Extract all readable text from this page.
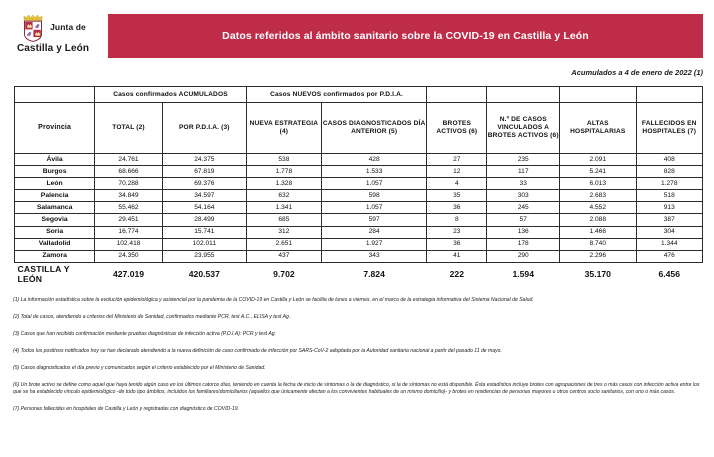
Junta de
Castilla y León
Datos referidos al ámbito sanitario sobre la COVID-19 en Castilla y León
Acumulados a 4 de enero de 2022 (1)
	Casos confirmados ACUMULADOS		Casos NUEVOS confirmados por P.D.I.A.					
Provincia	TOTAL (2)	POR P.D.I.A. (3)	NUEVA ESTRATEGIA (4)	CASOS DIAGNOSTICADOS DÍA ANTERIOR (5)	BROTES ACTIVOS (6)	N.º DE CASOS VINCULADOS A BROTES ACTIVOS (6)	ALTAS HOSPITALARIAS	FALLECIDOS EN HOSPITALES (7)
Ávila	24.761	24.375	538	428	27	235	2.091	408
Burgos	68.666	67.819	1.778	1.533	12	117	5.241	828
León	70.288	69.376	1.328	1.057	4	33	6.013	1.278
Palencia	34.849	34.597	632	598	35	303	2.683	518
Salamanca	55.462	54.164	1.341	1.057	36	245	4.552	913
Segovia	29.451	28.499	685	597	8	57	2.088	387
Soria	16.774	15.741	312	284	23	136	1.466	304
Valladolid	102.418	102.011	2.651	1.927	36	178	8.740	1.344
Zamora	24.350	23.955	437	343	41	290	2.296	476
CASTILLA Y LEÓN	427.019	420.537	9.702	7.824	222	1.594	35.170	6.456
(1) La información estadística sobre la evolución epidemiológica y asistencial por la pandemia de la COVID-19 en Castilla y León se facilita de lunes a viernes, en el marco de la estrategia informativa del Sistema Nacional de Salud.
(2) Total de casos, atendiendo a criterios del Ministerio de Sanidad, confirmados mediante PCR, test A.C., ELISA y test Ag.
(3) Casos que han recibido confirmación mediante pruebas diagnósticas de infección activa (P.D.I.A): PCR y test Ag.
(4) Todos los positivos notificados hoy se han declarado atendiendo a la nueva definición de caso confirmado de infección por SARS-CoV-2 adoptada por la Autoridad sanitaria nacional a partir del pasado 11 de mayo.
(5) Casos diagnosticados el día previo y comunicados según el criterio establecido por el Ministerio de Sanidad.
(6) Un brote activo se define como aquel que haya tenido algún caso en los últimos catorce días, teniendo en cuenta la fecha de inicio de síntomas o la de diagnóstico, si la de síntomas no está disponible. Ésta estadística incluye brotes con agrupaciones de tres o más casos con infección activa entre los que se ha establecido vínculo epidemiológico -de todo tipo ámbitos, incluidos los familiares/domiciliarios (aquellos que únicamente afectan a los convivientes habituales de un mismo domicilio)- y brotes en residencias de personas mayores u otros centros socio sanitarios, con uno o más casos.
(7) Personas fallecidas en hospitales de Castilla y León y registradas con diagnóstico de COVID-19.
